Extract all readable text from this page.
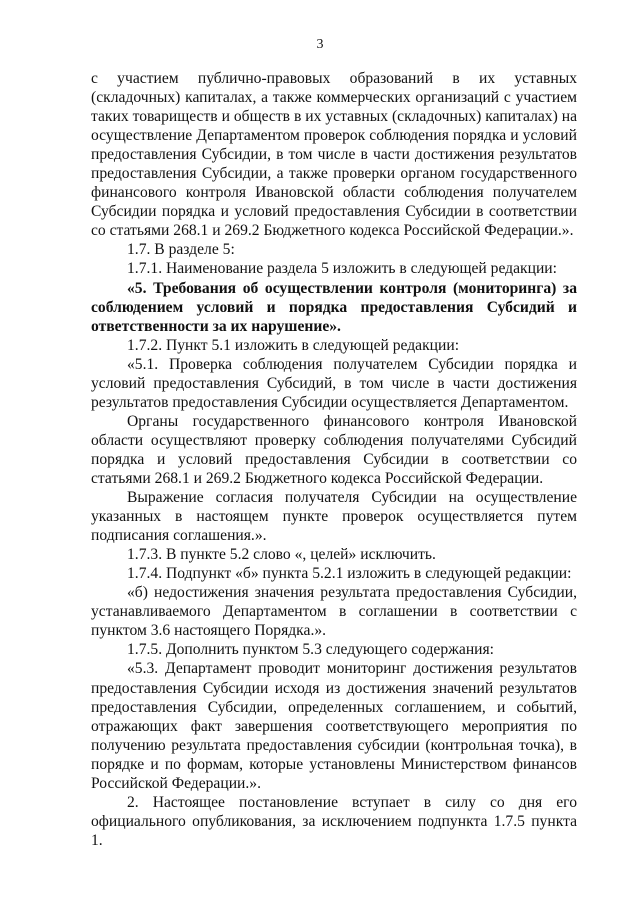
3

с участием публично-правовых образований в их уставных (складочных) капиталах, а также коммерческих организаций с участием таких товариществ и обществ в их уставных (складочных) капиталах) на осуществление Департаментом проверок соблюдения порядка и условий предоставления Субсидии, в том числе в части достижения результатов предоставления Субсидии, а также проверки органом государственного финансового контроля Ивановской области соблюдения получателем Субсидии порядка и условий предоставления Субсидии в соответствии со статьями 268.1 и 269.2 Бюджетного кодекса Российской Федерации.».

1.7. В разделе 5:

1.7.1. Наименование раздела 5 изложить в следующей редакции:

«5. Требования об осуществлении контроля (мониторинга) за соблюдением условий и порядка предоставления Субсидий и ответственности за их нарушение».

1.7.2. Пункт 5.1 изложить в следующей редакции:

«5.1. Проверка соблюдения получателем Субсидии порядка и условий предоставления Субсидий, в том числе в части достижения результатов предоставления Субсидии осуществляется Департаментом.

Органы государственного финансового контроля Ивановской области осуществляют проверку соблюдения получателями Субсидий порядка и условий предоставления Субсидии в соответствии со статьями 268.1 и 269.2 Бюджетного кодекса Российской Федерации.

Выражение согласия получателя Субсидии на осуществление указанных в настоящем пункте проверок осуществляется путем подписания соглашения.».

1.7.3. В пункте 5.2 слово «, целей» исключить.

1.7.4. Подпункт «б» пункта 5.2.1 изложить в следующей редакции:

«б) недостижения значения результата предоставления Субсидии, устанавливаемого Департаментом в соглашении в соответствии с пунктом 3.6 настоящего Порядка.».

1.7.5. Дополнить пунктом 5.3 следующего содержания:

«5.3. Департамент проводит мониторинг достижения результатов предоставления Субсидии исходя из достижения значений результатов предоставления Субсидии, определенных соглашением, и событий, отражающих факт завершения соответствующего мероприятия по получению результата предоставления субсидии (контрольная точка), в порядке и по формам, которые установлены Министерством финансов Российской Федерации.».

2. Настоящее постановление вступает в силу со дня его официального опубликования, за исключением подпункта 1.7.5 пункта 1.
